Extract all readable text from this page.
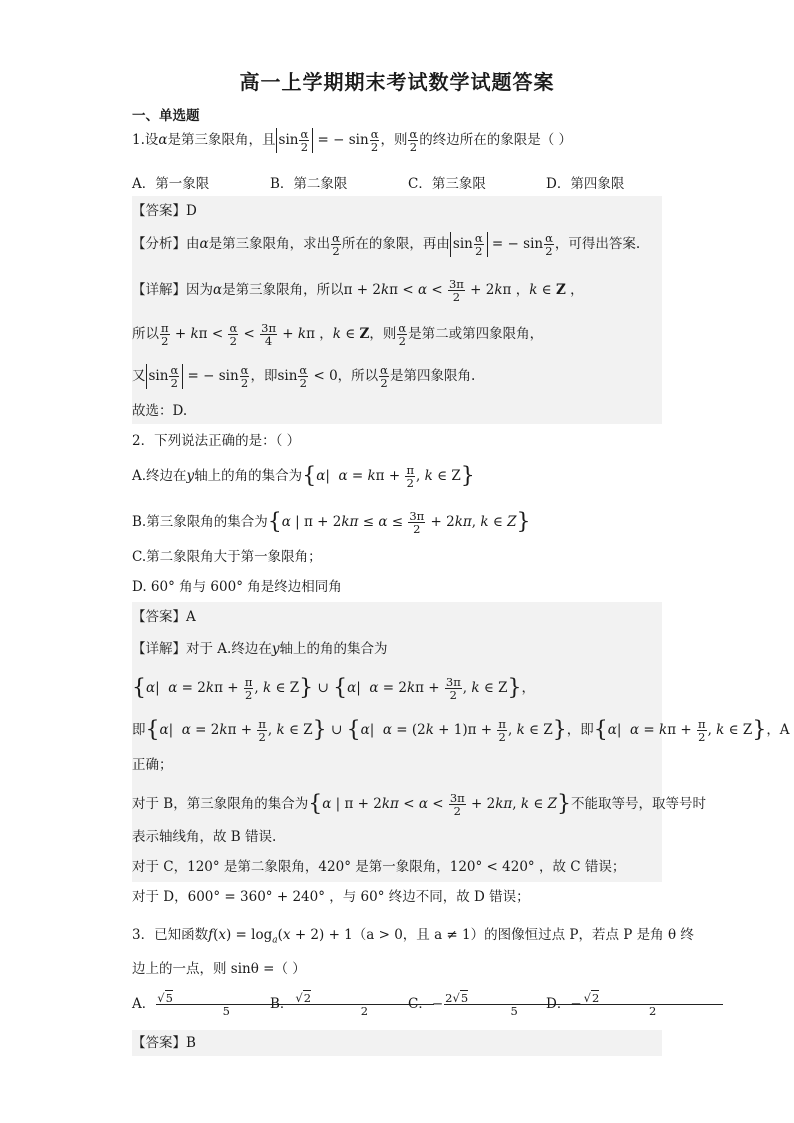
高一上学期期末考试数学试题答案
一、单选题
1.设α是第三象限角，且 $\sin \frac{\alpha}{2}$ = − $\sin \frac{\alpha}{2}$ ，则 $\frac{\alpha}{2}$ 的终边所在的象限是（ ）
A．第一象限	B．第二象限	C．第三象限	D．第四象限
【答案】D
【分析】由α是第三象限角，求出 $\frac{\alpha}{2}$ 所在的象限，再由 $\sin \frac{\alpha}{2}$ = − $\sin \frac{\alpha}{2}$ ，可得出答案.
【详解】因为α是第三象限角，所以$\pi + 2k\pi < \alpha < \frac{3\pi}{2} + 2k\pi$ ，k ∈ Z ，
所以 $\frac{\pi}{2} + k\pi < \frac{\alpha}{2} < \frac{3\pi}{4} + k\pi$ ，k ∈ Z，则 $\frac{\alpha}{2}$ 是第二或第四象限角，
又 $\sin \frac{\alpha}{2}$ = − $\sin \frac{\alpha}{2}$ ，即$\sin \frac{\alpha}{2} < 0$，所以 $\frac{\alpha}{2}$ 是第四象限角.
故选：D.
2．下列说法正确的是：（ ）
A.终边在y轴上的角的集合为{α|  $\alpha = k\pi + \frac{\pi}{2}$ , k ∈ Z}
B.第三象限角的集合为{α | $\pi + 2k\pi \le \alpha \le \frac{3\pi}{2} + 2k\pi$, k ∈ Z}
C.第二象限角大于第一象限角；
D. 60° 角与 600° 角是终边相同角
【答案】A
【详解】对于 A.终边在y轴上的角的集合为
{α|  $\alpha = 2k\pi + \frac{\pi}{2}$ , k ∈ Z} ∪ {α|  $\alpha = 2k\pi + \frac{3\pi}{2}$ , k ∈ Z}，
即{α|  $\alpha = 2k\pi + \frac{\pi}{2}$ , k ∈ Z} ∪ {α|  $\alpha = (2k + 1)\pi + \frac{\pi}{2}$ , k ∈ Z}，即{α|  $\alpha = k\pi + \frac{\pi}{2}$ , k ∈ Z}，A
正确；
对于 B，第三象限角的集合为{α | $\pi + 2k\pi < \alpha < \frac{3\pi}{2} + 2k\pi$, k ∈ Z}不能取等号，取等号时
表示轴线角，故 B 错误.
对于 C，120° 是第二象限角，420° 是第一象限角，120° < 420° ，故 C 错误；
对于 D，600° = 360° + 240° ，与 60° 终边不同，故 D 错误；
3．已知函数$f(x) = \log_a(x + 2) + 1(a > 0$，且 a ≠ 1）的图像恒过点 P，若点 P 是角 θ 终
边上的一点，则 sinθ =（ ）
A． $\frac{√5}{5}$
B． $\frac{√2}{2}$
C．− $\frac{2√5}{5}$
D．− $\frac{√2}{2}$
【答案】B
